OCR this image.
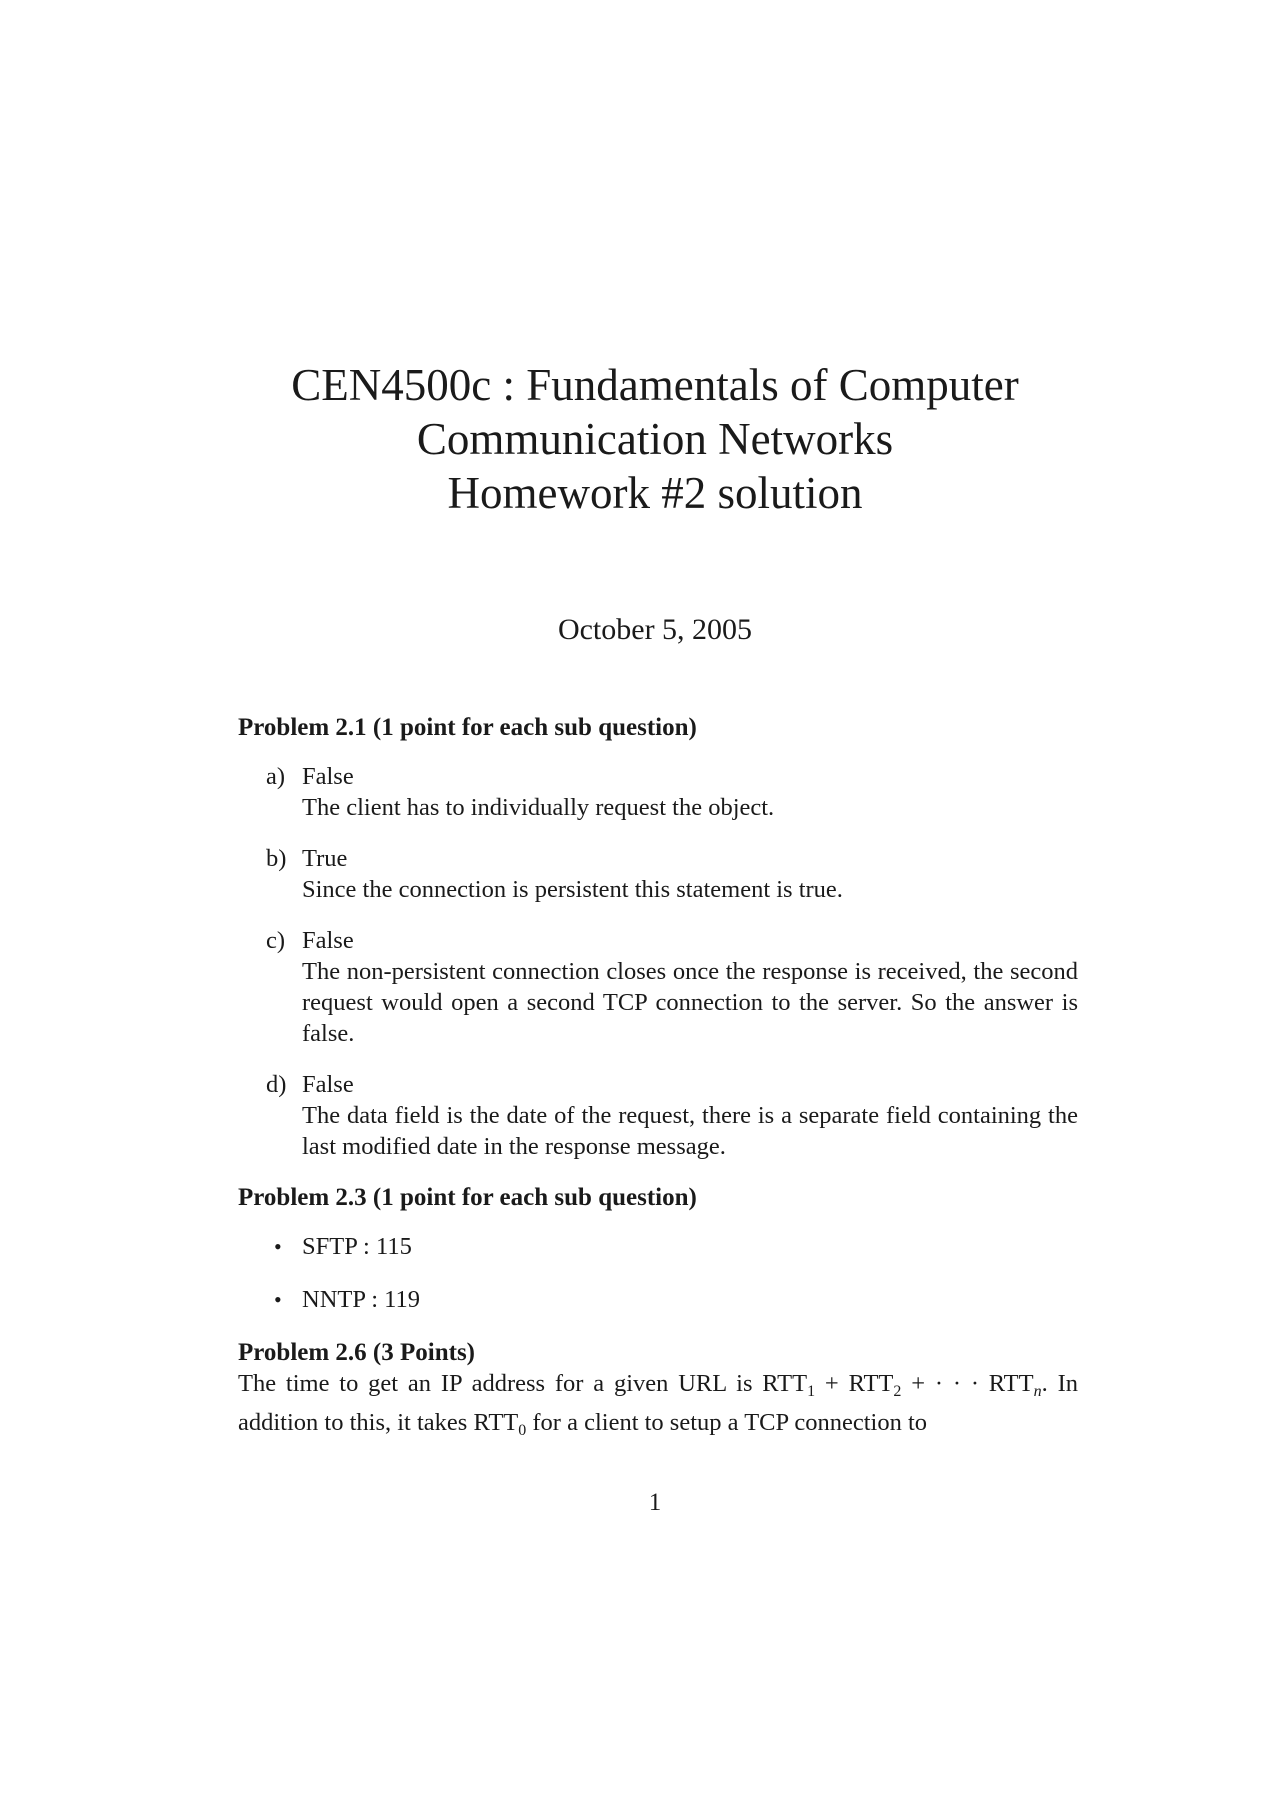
CEN4500c : Fundamentals of Computer
Communication Networks
Homework #2 solution
October 5, 2005

Problem 2.1 (1 point for each sub question)

a) False
The client has to individually request the object.
b) True
Since the connection is persistent this statement is true.
c) False
The non-persistent connection closes once the response is received, the second request would open a second TCP connection to the server. So the answer is false.
d) False
The data field is the date of the request, there is a separate field containing the last modified date in the response message.

Problem 2.3 (1 point for each sub question)

• SFTP : 115
• NNTP : 119

Problem 2.6 (3 Points)

The time to get an IP address for a given URL is $RTT_1 + RTT_2$ + · · · $RTT_n$. In addition to this, it takes $RTT_0$ for a client to setup a TCP connection to

1
